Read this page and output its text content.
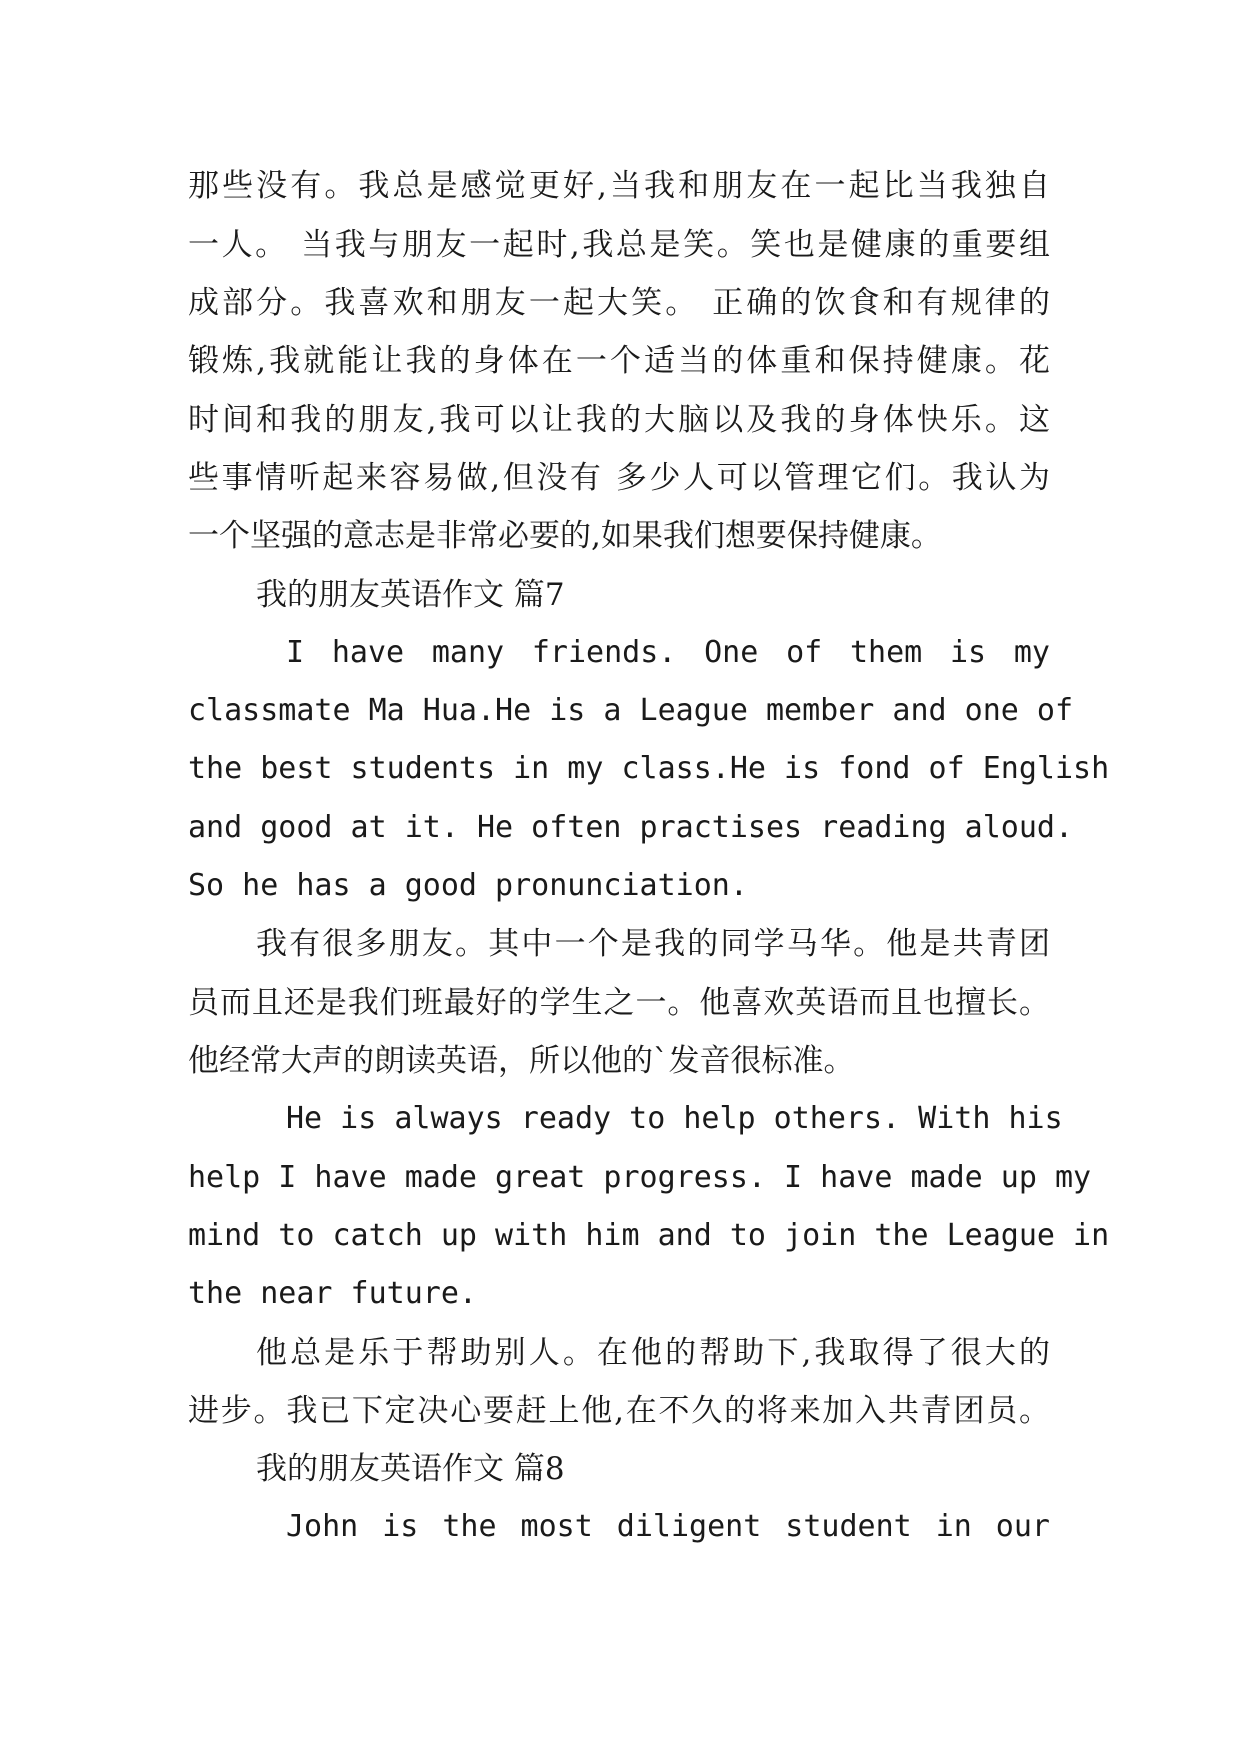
那些没有。我总是感觉更好,当我和朋友在一起比当我独自
一人。 当我与朋友一起时,我总是笑。笑也是健康的重要组
成部分。我喜欢和朋友一起大笑。 正确的饮食和有规律的
锻炼,我就能让我的身体在一个适当的体重和保持健康。花
时间和我的朋友,我可以让我的大脑以及我的身体快乐。这
些事情听起来容易做,但没有 多少人可以管理它们。我认为
一个坚强的意志是非常必要的,如果我们想要保持健康。
我的朋友英语作文 篇7
I have many friends. One of them is my
classmate Ma Hua.He is a League member and one of
the best students in my class.He is fond of English
and good at it. He often practises reading aloud.
So he has a good pronunciation.
我有很多朋友。其中一个是我的同学马华。他是共青团
员而且还是我们班最好的学生之一。他喜欢英语而且也擅长。
他经常大声的朗读英语，所以他的`发音很标准。
He is always ready to help others. With his
help I have made great progress. I have made up my
mind to catch up with him and to join the League in
the near future.
他总是乐于帮助别人。在他的帮助下,我取得了很大的
进步。我已下定决心要赶上他,在不久的将来加入共青团员。
我的朋友英语作文 篇8
John is the most diligent student in our
